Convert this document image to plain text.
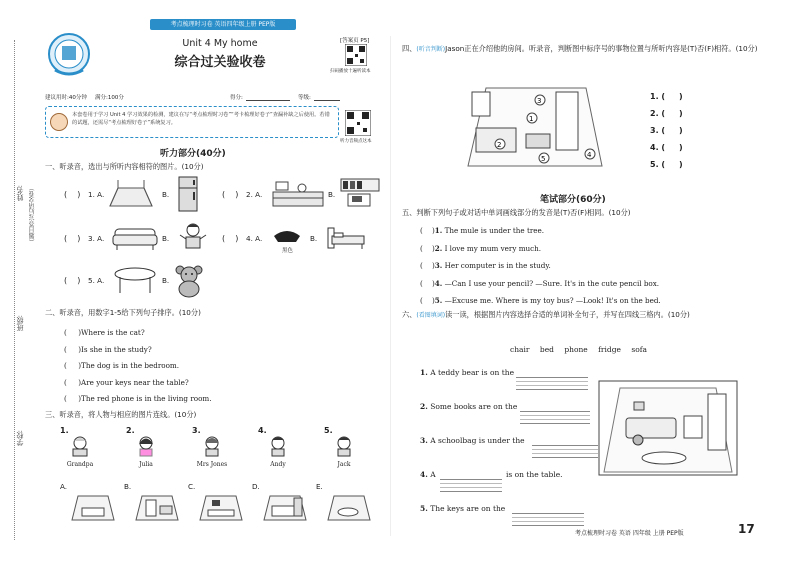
考点梳理时习卷 英语四年级上册 PEP版
姓名: （题目答完后请交卷）
班级:
学校:
Unit 4 My home
综合过关验收卷
[答案页 P5]
扫码播放十遍听读本
听力音频点这本
建议用时:40分钟 满分:100分	得分:	等级:
本套卷用于学习 Unit 4 学习效果的检测，建议在写“考点梳理时习卷”“考卡梳理好卷子”查漏补缺之后使用。若错的试题，还需尽“考点梳理好卷子”系统复习。
听力部分(40分)
一、听录音，选出与所听内容相符的图片。(10分)
(    ) 1. A.	B.	(    ) 2. A.	B.
(    ) 3. A.	B.	(    ) 4. A.
黑色
B.
(    ) 5. A.	B.
二、听录音，用数字1-5给下列句子排序。(10分)
(     )Where is the cat?
(     )Is she in the study?
(     )The dog is in the bedroom.
(     )Are your keys near the table?
(     )The red phone is in the living room.
三、听录音，将人物与相应的图片连线。(10分)
1.
Grandpa
2.
Julia
3.
Mrs Jones
4.
Andy
5.
Jack
A.	B.	C.	D.	E.
四、(听音判断)Jason正在介绍他的房间。听录音，判断图中标序号的事物位置与所听内容是(T)否(F)相符。(10分)
3
1
2
5	4
1. (     )
2. (     )
3. (     )
4. (     )
5. (     )
笔试部分(60分)
五、判断下列句子或对话中单词画线部分的发音是(T)否(F)相同。(10分)
(    )1. The mule is under the tree.
(    )2. I love my mum very much.
(    )3. Her computer is in the study.
(    )4. —Can I use your pencil? —Sure. It's in the cute pencil box.
(    )5. —Excuse me. Where is my toy bus? —Look! It's on the bed.
六、(看图填词)读一读，根据图片内容选择合适的单词补全句子，并写在四线三格内。(10分)
chair bed phone fridge sofa
1. A teddy bear is on the
2. Some books are on the
3. A schoolbag is under the
4. A	is on the table.
5. The keys are on the
考点梳理时习卷 英语 四年级 上册 PEP版	17
